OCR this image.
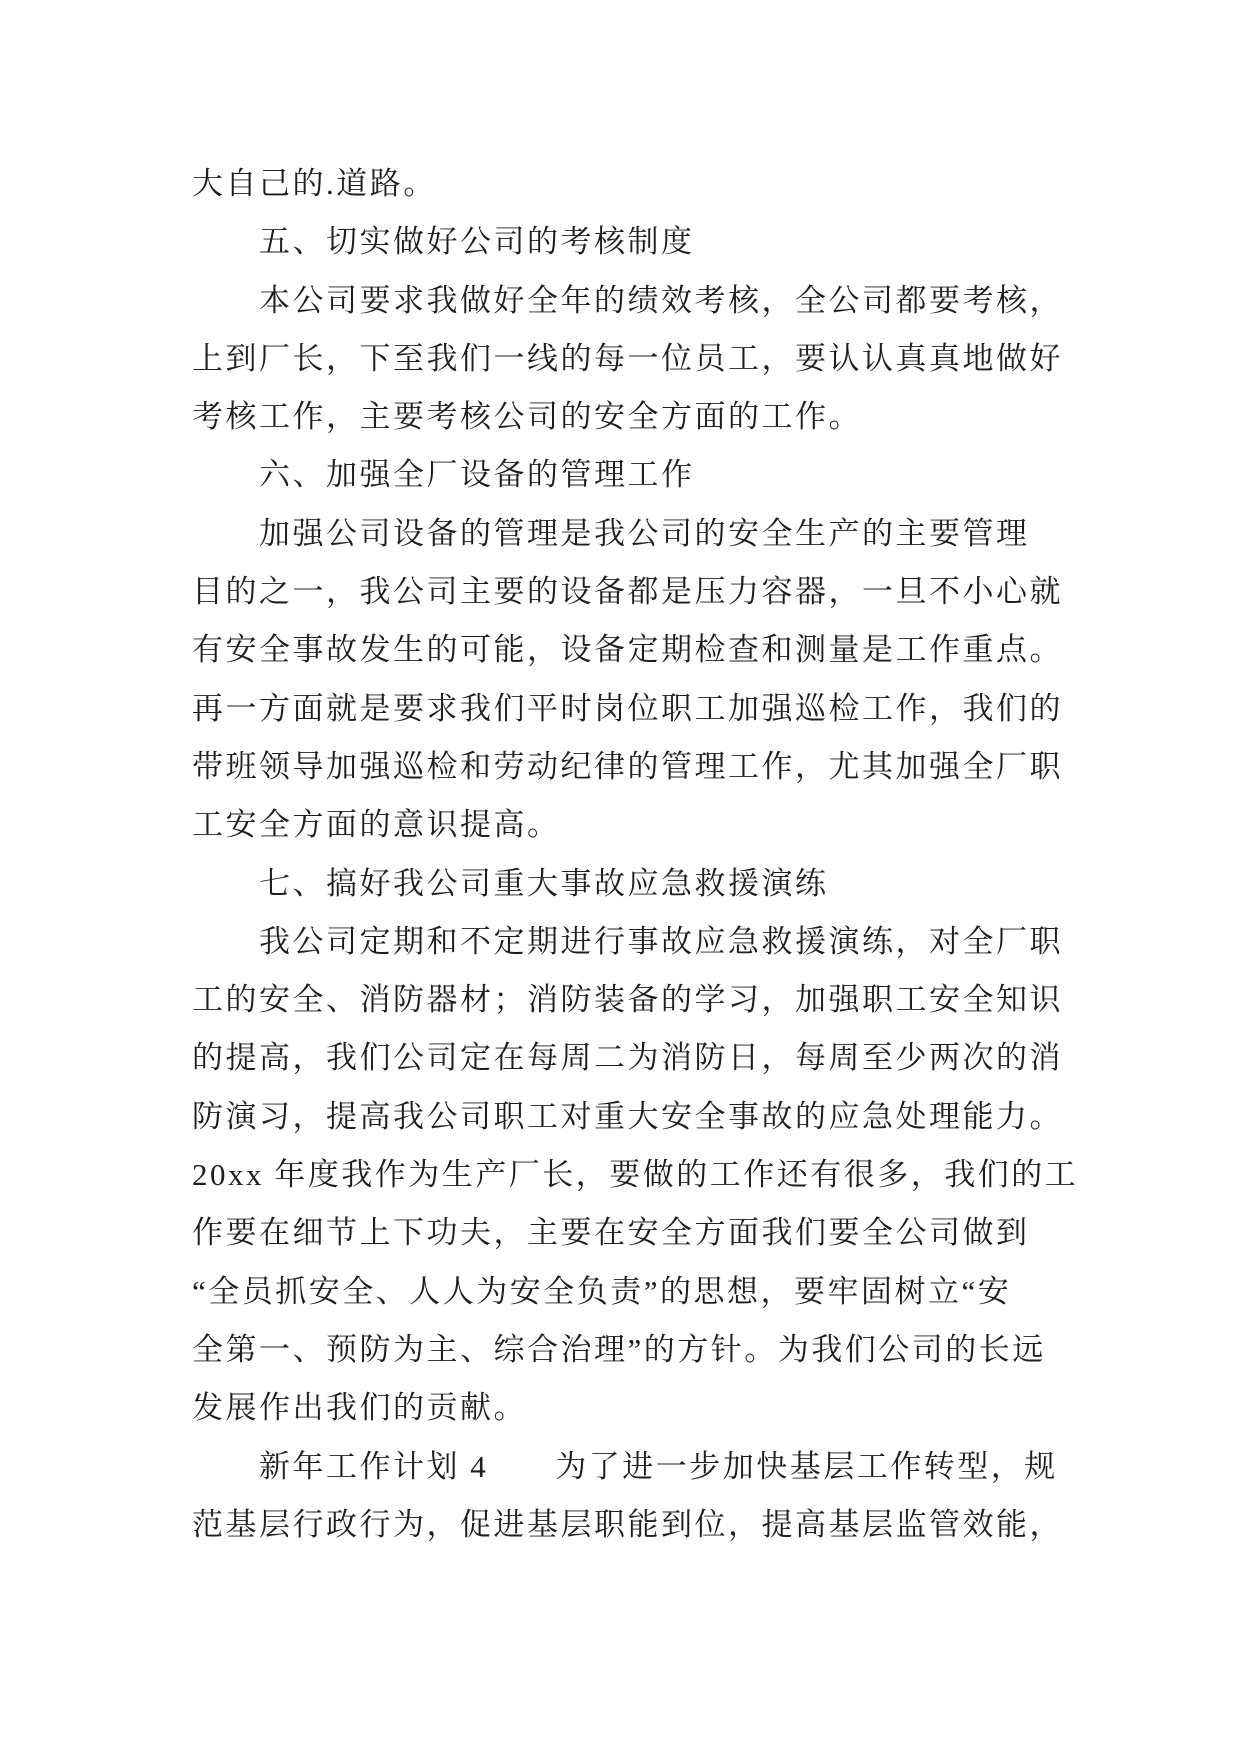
大自己的.道路。
五、切实做好公司的考核制度
本公司要求我做好全年的绩效考核，全公司都要考核，
上到厂长，下至我们一线的每一位员工，要认认真真地做好
考核工作，主要考核公司的安全方面的工作。
六、加强全厂设备的管理工作
加强公司设备的管理是我公司的安全生产的主要管理
目的之一，我公司主要的设备都是压力容器，一旦不小心就
有安全事故发生的可能，设备定期检查和测量是工作重点。
再一方面就是要求我们平时岗位职工加强巡检工作，我们的
带班领导加强巡检和劳动纪律的管理工作，尤其加强全厂职
工安全方面的意识提高。
七、搞好我公司重大事故应急救援演练
我公司定期和不定期进行事故应急救援演练，对全厂职
工的安全、消防器材；消防装备的学习，加强职工安全知识
的提高，我们公司定在每周二为消防日，每周至少两次的消
防演习，提高我公司职工对重大安全事故的应急处理能力。
20xx 年度我作为生产厂长，要做的工作还有很多，我们的工
作要在细节上下功夫，主要在安全方面我们要全公司做到
“全员抓安全、人人为安全负责”的思想，要牢固树立“安
全第一、预防为主、综合治理”的方针。为我们公司的长远
发展作出我们的贡献。
新年工作计划 4　　为了进一步加快基层工作转型，规
范基层行政行为，促进基层职能到位，提高基层监管效能，
